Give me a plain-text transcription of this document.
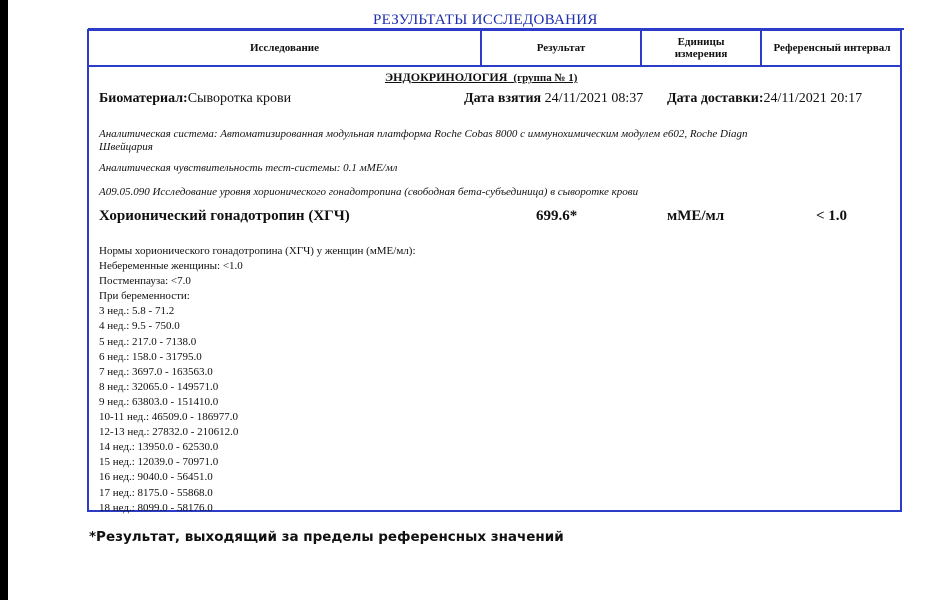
РЕЗУЛЬТАТЫ ИССЛЕДОВАНИЯ
Исследование	Результат	Единицы
измерения	Референсный интервал
ЭНДОКРИНОЛОГИЯ (группа № 1)
Биоматериал:Сыворотка крови	Дата взятия 24/11/2021 08:37 Дата доставки:24/11/2021 20:17
Аналитическая система: Автоматизированная модульная платформа Roche Cobas 8000 с иммунохимическим модулем е602, Roche Diagn
Швейцария
Аналитическая чувствительность тест-системы: 0.1 мМЕ/мл
A09.05.090 Исследование уровня хорионического гонадотропина (свободная бета-субъединица) в сыворотке крови
Хорионический гонадотропин (ХГЧ)	699.6*	мМЕ/мл	< 1.0
Нормы хорионического гонадотропина (ХГЧ) у женщин (мМЕ/мл):
Небеременные женщины: <1.0
Постменпауза: <7.0
При беременности:
3 нед.: 5.8 - 71.2
4 нед.: 9.5 - 750.0
5 нед.: 217.0 - 7138.0
6 нед.: 158.0 - 31795.0
7 нед.: 3697.0 - 163563.0
8 нед.: 32065.0 - 149571.0
9 нед.: 63803.0 - 151410.0
10-11 нед.: 46509.0 - 186977.0
12-13 нед.: 27832.0 - 210612.0
14 нед.: 13950.0 - 62530.0
15 нед.: 12039.0 - 70971.0
16 нед.: 9040.0 - 56451.0
17 нед.: 8175.0 - 55868.0
18 нед.: 8099.0 - 58176.0
*Результат, выходящий за пределы референсных значений
